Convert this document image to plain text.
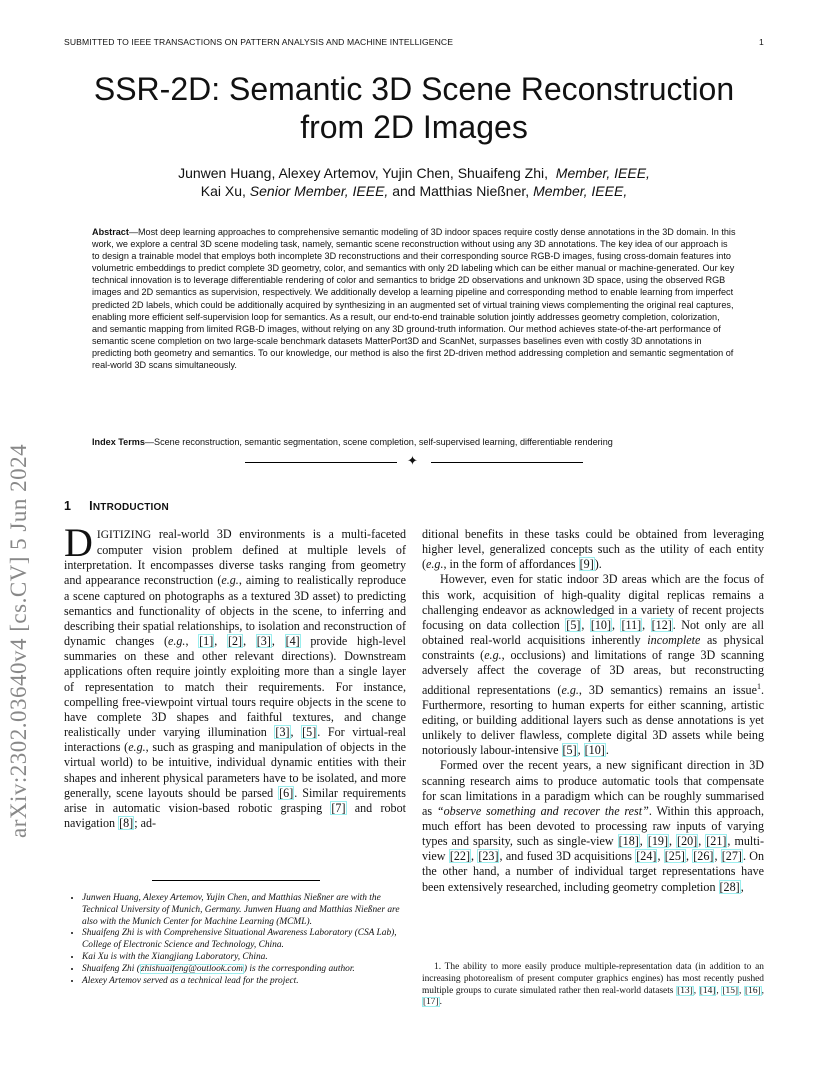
SUBMITTED TO IEEE TRANSACTIONS ON PATTERN ANALYSIS AND MACHINE INTELLIGENCE	1
arXiv:2302.03640v4 [cs.CV] 5 Jun 2024
SSR-2D: Semantic 3D Scene Reconstruction
from 2D Images
Junwen Huang, Alexey Artemov, Yujin Chen, Shuaifeng Zhi, Member, IEEE,
Kai Xu, Senior Member, IEEE, and Matthias Nießner, Member, IEEE,
Abstract—Most deep learning approaches to comprehensive semantic modeling of 3D indoor spaces require costly dense annotations in the 3D domain. In this work, we explore a central 3D scene modeling task, namely, semantic scene reconstruction without using any 3D annotations. The key idea of our approach is to design a trainable model that employs both incomplete 3D reconstructions and their corresponding source RGB-D images, fusing cross-domain features into volumetric embeddings to predict complete 3D geometry, color, and semantics with only 2D labeling which can be either manual or machine-generated. Our key technical innovation is to leverage differentiable rendering of color and semantics to bridge 2D observations and unknown 3D space, using the observed RGB images and 2D semantics as supervision, respectively. We additionally develop a learning pipeline and corresponding method to enable learning from imperfect predicted 2D labels, which could be additionally acquired by synthesizing in an augmented set of virtual training views complementing the original real captures, enabling more efficient self-supervision loop for semantics. As a result, our end-to-end trainable solution jointly addresses geometry completion, colorization, and semantic mapping from limited RGB-D images, without relying on any 3D ground-truth information. Our method achieves state-of-the-art performance of semantic scene completion on two large-scale benchmark datasets MatterPort3D and ScanNet, surpasses baselines even with costly 3D annotations in predicting both geometry and semantics. To our knowledge, our method is also the first 2D-driven method addressing completion and semantic segmentation of real-world 3D scans simultaneously.
Index Terms—Scene reconstruction, semantic segmentation, scene completion, self-supervised learning, differentiable rendering
✦
1 INTRODUCTION

DIGITIZING real-world 3D environments is a multi-faceted computer vision problem defined at multiple levels of interpretation. It encompasses diverse tasks ranging from geometry and appearance reconstruction (e.g., aiming to realistically reproduce a scene captured on photographs as a textured 3D asset) to predicting semantics and functionality of objects in the scene, to inferring and describing their spatial relationships, to isolation and reconstruction of dynamic changes (e.g., [1], [2], [3], [4] provide high-level summaries on these and other relevant directions). Downstream applications often require jointly exploiting more than a single layer of representation to match their requirements. For instance, compelling free-viewpoint virtual tours require objects in the scene to have complete 3D shapes and faithful textures, and change realistically under varying illumination [3], [5]. For virtual-real interactions (e.g., such as grasping and manipulation of objects in the virtual world) to be intuitive, individual dynamic entities with their shapes and inherent physical parameters have to be isolated, and more generally, scene layouts should be parsed [6]. Similar requirements arise in automatic vision-based robotic grasping [7] and robot navigation [8]; ad-

• Junwen Huang, Alexey Artemov, Yujin Chen, and Matthias Nießner are with the Technical University of Munich, Germany. Junwen Huang and Matthias Nießner are also with the Munich Center for Machine Learning (MCML).
• Shuaifeng Zhi is with Comprehensive Situational Awareness Laboratory (CSA Lab), College of Electronic Science and Technology, China.
• Kai Xu is with the Xiangjiang Laboratory, China.
• Shuaifeng Zhi (zhishuaifeng@outlook.com) is the corresponding author.
• Alexey Artemov served as a technical lead for the project.

ditional benefits in these tasks could be obtained from leveraging higher level, generalized concepts such as the utility of each entity (e.g., in the form of affordances [9]).

However, even for static indoor 3D areas which are the focus of this work, acquisition of high-quality digital replicas remains a challenging endeavor as acknowledged in a variety of recent projects focusing on data collection [5], [10], [11], [12]. Not only are all obtained real-world acquisitions inherently incomplete as physical constraints (e.g., occlusions) and limitations of range 3D scanning adversely affect the coverage of 3D areas, but reconstructing additional representations (e.g., 3D semantics) remains an issue$^1$. Furthermore, resorting to human experts for either scanning, artistic editing, or building additional layers such as dense annotations is yet unlikely to deliver flawless, complete digital 3D assets while being notoriously labour-intensive [5], [10].

Formed over the recent years, a new significant direction in 3D scanning research aims to produce automatic tools that compensate for scan limitations in a paradigm which can be roughly summarised as “observe something and recover the rest”. Within this approach, much effort has been devoted to processing raw inputs of varying types and sparsity, such as single-view [18], [19], [20], [21], multi-view [22], [23], and fused 3D acquisitions [24], [25], [26], [27]. On the other hand, a number of individual target representations have been extensively researched, including geometry completion [28],

1. The ability to more easily produce multiple-representation data (in addition to an increasing photorealism of present computer graphics engines) has most recently pushed multiple groups to curate simulated rather then real-world datasets [13], [14], [15], [16], [17].
